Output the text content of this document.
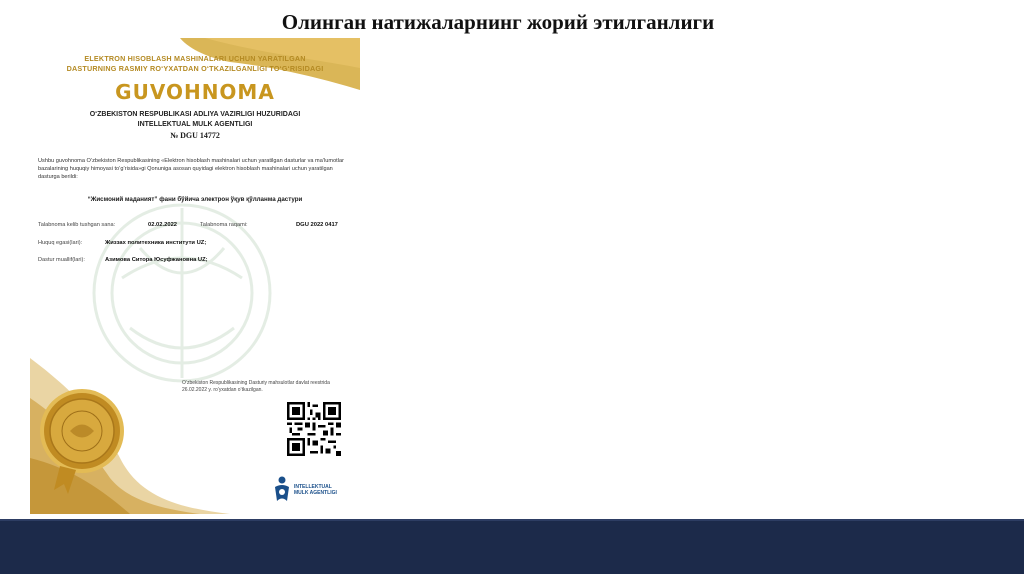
Олинган натижаларнинг жорий этилганлиги
ELEKTRON HISOBLASH MASHINALARI UCHUN YARATILGAN
DASTURNING RASMIY RO‘YXATDAN O‘TKAZILGANLIGI TO‘G‘RISIDAGI
GUVOHNOMA
O‘ZBEKISTON RESPUBLIKASI ADLIYA VAZIRLIGI HUZURIDAGI
INTELLEKTUAL MULK AGENTLIGI
№ DGU 14772
Ushbu guvohnoma O‘zbekiston Respublikasining «Elektron hisoblash mashinalari uchun yaratilgan dasturlar va ma’lumotlar bazalarining huquqiy himoyasi to‘g‘risida»gi Qonuniga asosan quyidagi elektron hisoblash mashinalari uchun yaratilgan dasturga berildi:
“Жисмоний маданият” фани бўйича электрон ўқув қўлланма дастури
Talabnoma kelib tushgan sana:	02.02.2022	Talabnoma raqami:	DGU 2022 0417
Huquq egasi(lari):	Жиззах политехника институти UZ;
Dastur muallif(lari):	Азимова Ситора Юсуфжановна UZ;
O‘zbekiston Respublikasining Dasturiy mahsulotlar davlat reestrida 26.02.2022 y. ro‘yxatdan o‘tkazilgan.
INTELLEKTUAL
MULK AGENTLIGI
